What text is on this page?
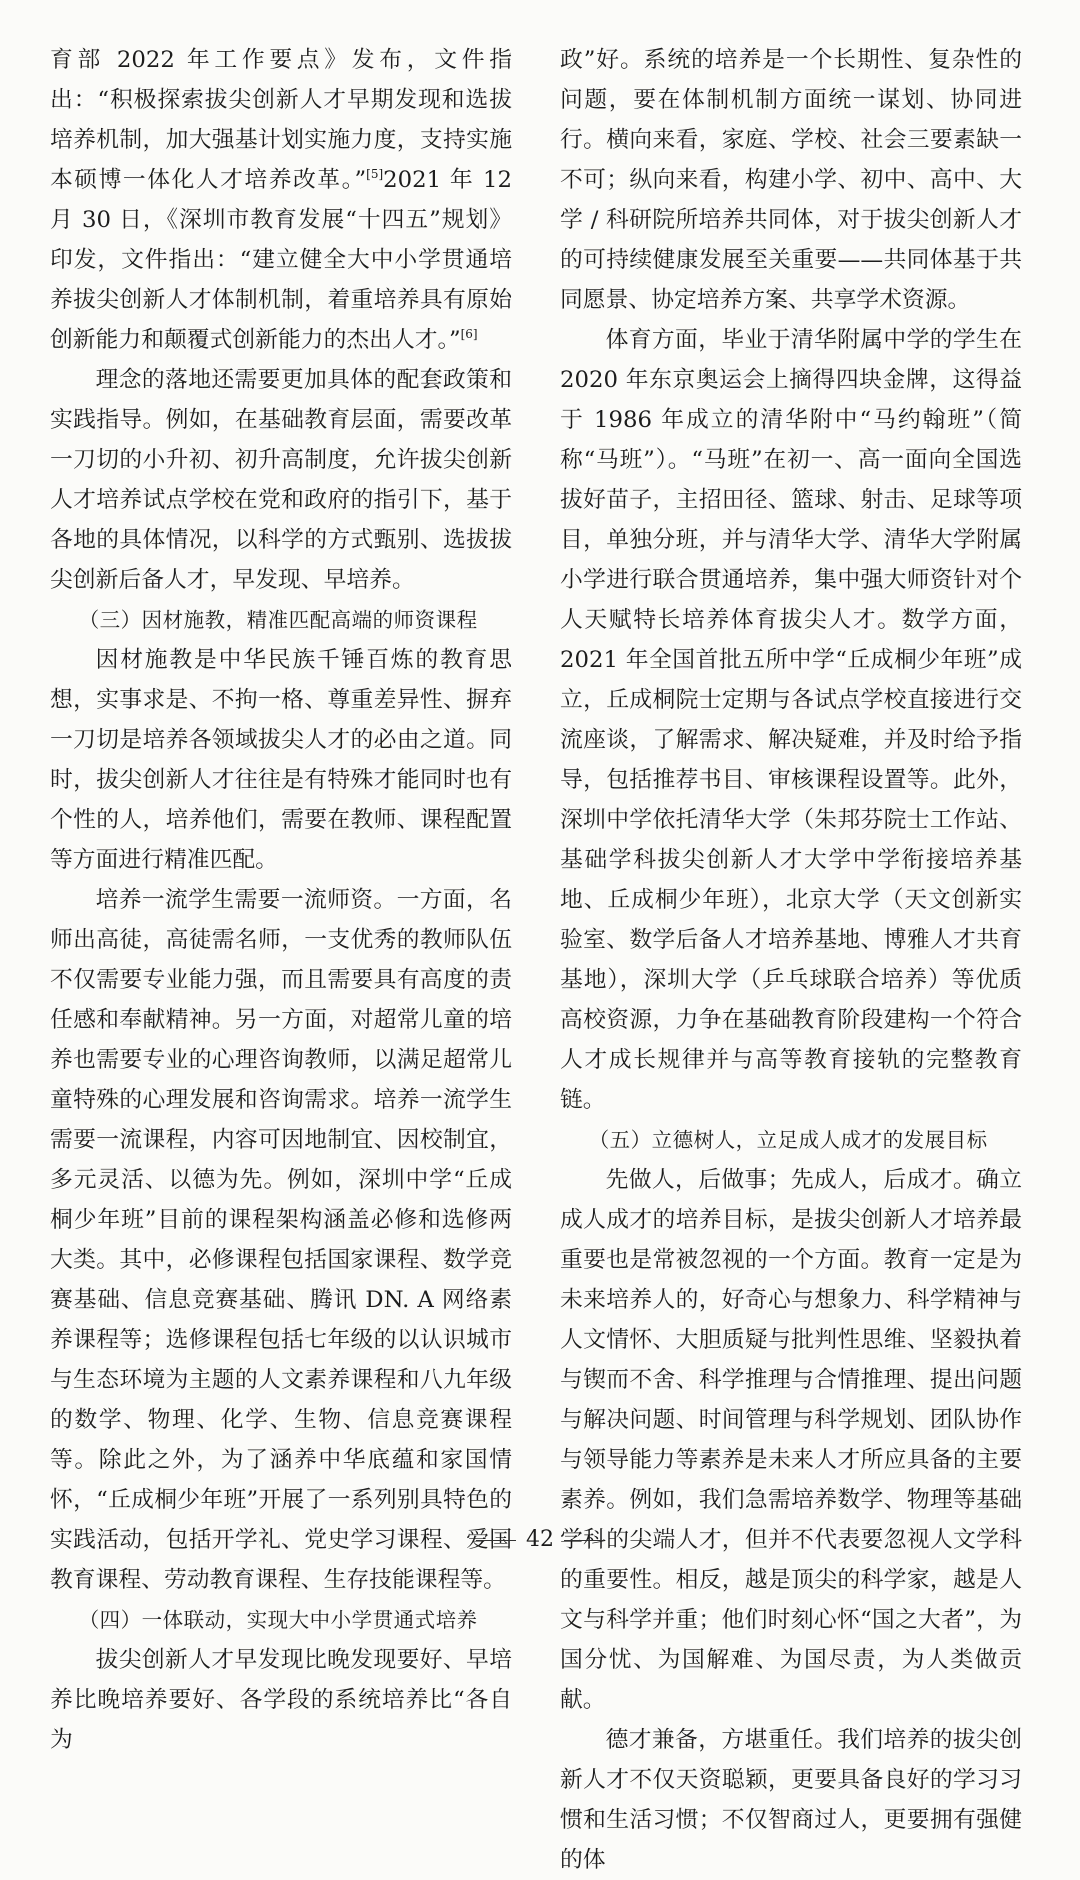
育部 2022 年工作要点》发布，文件指出：“积极探索拔尖创新人才早期发现和选拔培养机制，加大强基计划实施力度，支持实施本硕博一体化人才培养改革。”[5]2021 年 12 月 30 日，《深圳市教育发展“十四五”规划》印发，文件指出：“建立健全大中小学贯通培养拔尖创新人才体制机制，着重培养具有原始创新能力和颠覆式创新能力的杰出人才。”[6]

理念的落地还需要更加具体的配套政策和实践指导。例如，在基础教育层面，需要改革一刀切的小升初、初升高制度，允许拔尖创新人才培养试点学校在党和政府的指引下，基于各地的具体情况，以科学的方式甄别、选拔拔尖创新后备人才，早发现、早培养。

（三）因材施教，精准匹配高端的师资课程

因材施教是中华民族千锤百炼的教育思想，实事求是、不拘一格、尊重差异性、摒弃一刀切是培养各领域拔尖人才的必由之道。同时，拔尖创新人才往往是有特殊才能同时也有个性的人，培养他们，需要在教师、课程配置等方面进行精准匹配。

培养一流学生需要一流师资。一方面，名师出高徒，高徒需名师，一支优秀的教师队伍不仅需要专业能力强，而且需要具有高度的责任感和奉献精神。另一方面，对超常儿童的培养也需要专业的心理咨询教师，以满足超常儿童特殊的心理发展和咨询需求。培养一流学生需要一流课程，内容可因地制宜、因校制宜，多元灵活、以德为先。例如，深圳中学“丘成桐少年班”目前的课程架构涵盖必修和选修两大类。其中，必修课程包括国家课程、数学竞赛基础、信息竞赛基础、腾讯 DN. A 网络素养课程等；选修课程包括七年级的以认识城市与生态环境为主题的人文素养课程和八九年级的数学、物理、化学、生物、信息竞赛课程等。除此之外，为了涵养中华底蕴和家国情怀，“丘成桐少年班”开展了一系列别具特色的实践活动，包括开学礼、党史学习课程、爱国教育课程、劳动教育课程、生存技能课程等。

（四）一体联动，实现大中小学贯通式培养

拔尖创新人才早发现比晚发现要好、早培养比晚培养要好、各学段的系统培养比“各自为

政”好。系统的培养是一个长期性、复杂性的问题，要在体制机制方面统一谋划、协同进行。横向来看，家庭、学校、社会三要素缺一不可；纵向来看，构建小学、初中、高中、大学 / 科研院所培养共同体，对于拔尖创新人才的可持续健康发展至关重要——共同体基于共同愿景、协定培养方案、共享学术资源。

体育方面，毕业于清华附属中学的学生在 2020 年东京奥运会上摘得四块金牌，这得益于 1986 年成立的清华附中“马约翰班”（简称“马班”）。“马班”在初一、高一面向全国选拔好苗子，主招田径、篮球、射击、足球等项目，单独分班，并与清华大学、清华大学附属小学进行联合贯通培养，集中强大师资针对个人天赋特长培养体育拔尖人才。数学方面，2021 年全国首批五所中学“丘成桐少年班”成立，丘成桐院士定期与各试点学校直接进行交流座谈，了解需求、解决疑难，并及时给予指导，包括推荐书目、审核课程设置等。此外，深圳中学依托清华大学（朱邦芬院士工作站、基础学科拔尖创新人才大学中学衔接培养基地、丘成桐少年班），北京大学（天文创新实验室、数学后备人才培养基地、博雅人才共育基地），深圳大学（乒乓球联合培养）等优质高校资源，力争在基础教育阶段建构一个符合人才成长规律并与高等教育接轨的完整教育链。

（五）立德树人，立足成人成才的发展目标

先做人，后做事；先成人，后成才。确立成人成才的培养目标，是拔尖创新人才培养最重要也是常被忽视的一个方面。教育一定是为未来培养人的，好奇心与想象力、科学精神与人文情怀、大胆质疑与批判性思维、坚毅执着与锲而不舍、科学推理与合情推理、提出问题与解决问题、时间管理与科学规划、团队协作与领导能力等素养是未来人才所应具备的主要素养。例如，我们急需培养数学、物理等基础学科的尖端人才，但并不代表要忽视人文学科的重要性。相反，越是顶尖的科学家，越是人文与科学并重；他们时刻心怀“国之大者”，为国分忧、为国解难、为国尽责，为人类做贡献。

德才兼备，方堪重任。我们培养的拔尖创新人才不仅天资聪颖，更要具备良好的学习习惯和生活习惯；不仅智商过人，更要拥有强健的体

42
